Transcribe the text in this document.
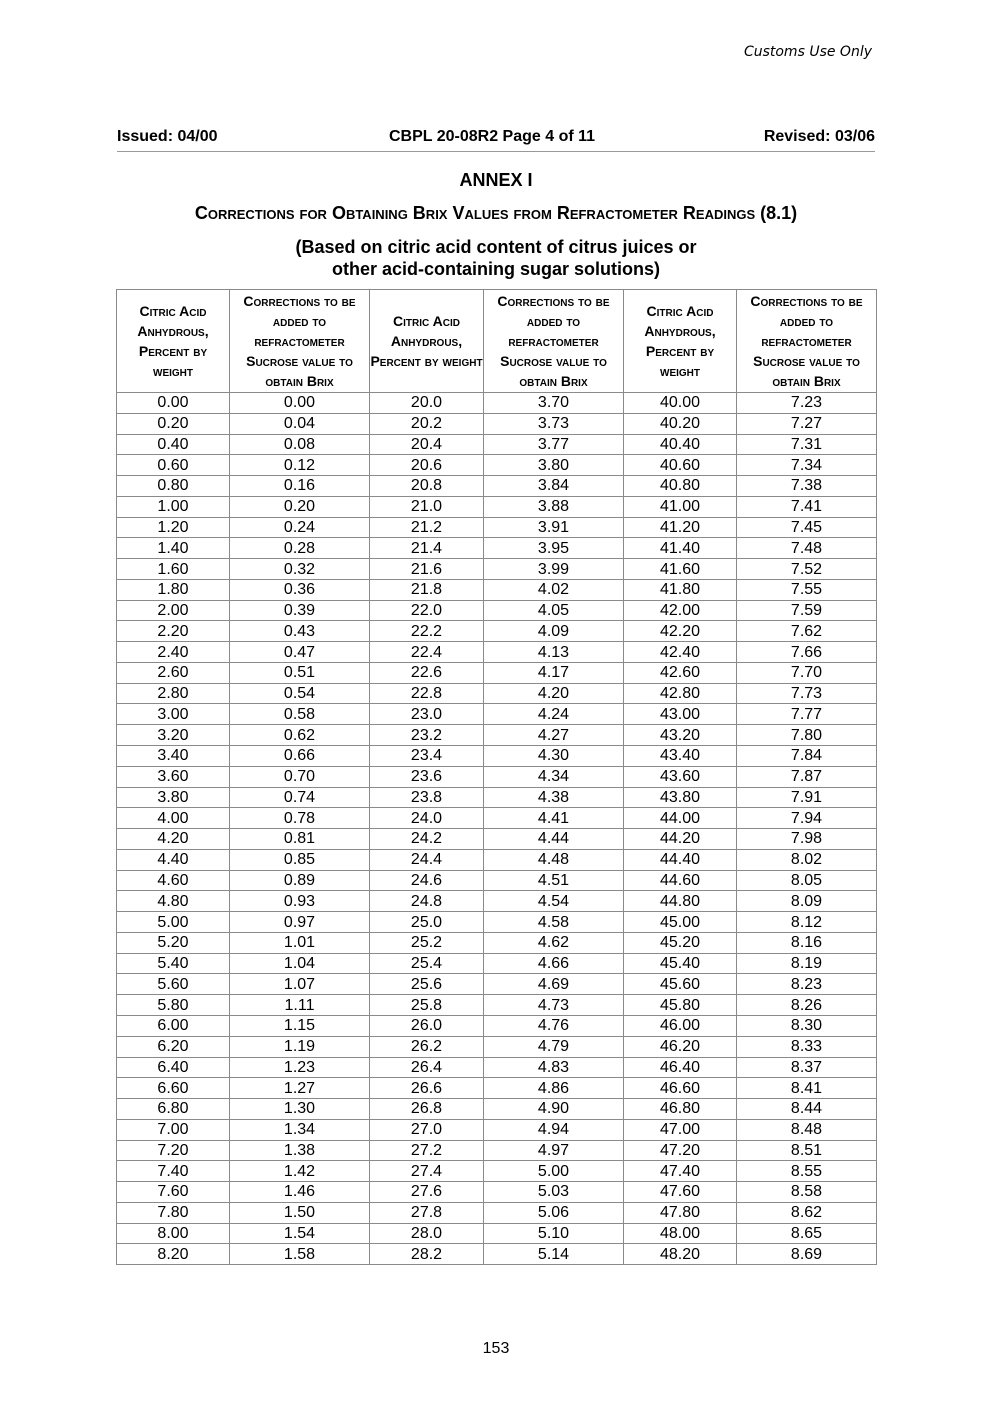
Customs Use Only
Issued: 04/00	CBPL 20-08R2 Page 4 of 11	Revised: 03/06
ANNEX I
Corrections for Obtaining Brix Values from Refractometer Readings (8.1)
(Based on citric acid content of citrus juices or
other acid-containing sugar solutions)
Citric Acid Anhydrous, Percent by weight	Corrections to be added to refractometer Sucrose value to obtain Brix	Citric Acid Anhydrous, Percent by weight	Corrections to be added to refractometer Sucrose value to obtain Brix	Citric Acid Anhydrous, Percent by weight	Corrections to be added to refractometer Sucrose value to obtain Brix
0.00	0.00	20.0	3.70	40.00	7.23
0.20	0.04	20.2	3.73	40.20	7.27
0.40	0.08	20.4	3.77	40.40	7.31
0.60	0.12	20.6	3.80	40.60	7.34
0.80	0.16	20.8	3.84	40.80	7.38
1.00	0.20	21.0	3.88	41.00	7.41
1.20	0.24	21.2	3.91	41.20	7.45
1.40	0.28	21.4	3.95	41.40	7.48
1.60	0.32	21.6	3.99	41.60	7.52
1.80	0.36	21.8	4.02	41.80	7.55
2.00	0.39	22.0	4.05	42.00	7.59
2.20	0.43	22.2	4.09	42.20	7.62
2.40	0.47	22.4	4.13	42.40	7.66
2.60	0.51	22.6	4.17	42.60	7.70
2.80	0.54	22.8	4.20	42.80	7.73
3.00	0.58	23.0	4.24	43.00	7.77
3.20	0.62	23.2	4.27	43.20	7.80
3.40	0.66	23.4	4.30	43.40	7.84
3.60	0.70	23.6	4.34	43.60	7.87
3.80	0.74	23.8	4.38	43.80	7.91
4.00	0.78	24.0	4.41	44.00	7.94
4.20	0.81	24.2	4.44	44.20	7.98
4.40	0.85	24.4	4.48	44.40	8.02
4.60	0.89	24.6	4.51	44.60	8.05
4.80	0.93	24.8	4.54	44.80	8.09
5.00	0.97	25.0	4.58	45.00	8.12
5.20	1.01	25.2	4.62	45.20	8.16
5.40	1.04	25.4	4.66	45.40	8.19
5.60	1.07	25.6	4.69	45.60	8.23
5.80	1.11	25.8	4.73	45.80	8.26
6.00	1.15	26.0	4.76	46.00	8.30
6.20	1.19	26.2	4.79	46.20	8.33
6.40	1.23	26.4	4.83	46.40	8.37
6.60	1.27	26.6	4.86	46.60	8.41
6.80	1.30	26.8	4.90	46.80	8.44
7.00	1.34	27.0	4.94	47.00	8.48
7.20	1.38	27.2	4.97	47.20	8.51
7.40	1.42	27.4	5.00	47.40	8.55
7.60	1.46	27.6	5.03	47.60	8.58
7.80	1.50	27.8	5.06	47.80	8.62
8.00	1.54	28.0	5.10	48.00	8.65
8.20	1.58	28.2	5.14	48.20	8.69
153
